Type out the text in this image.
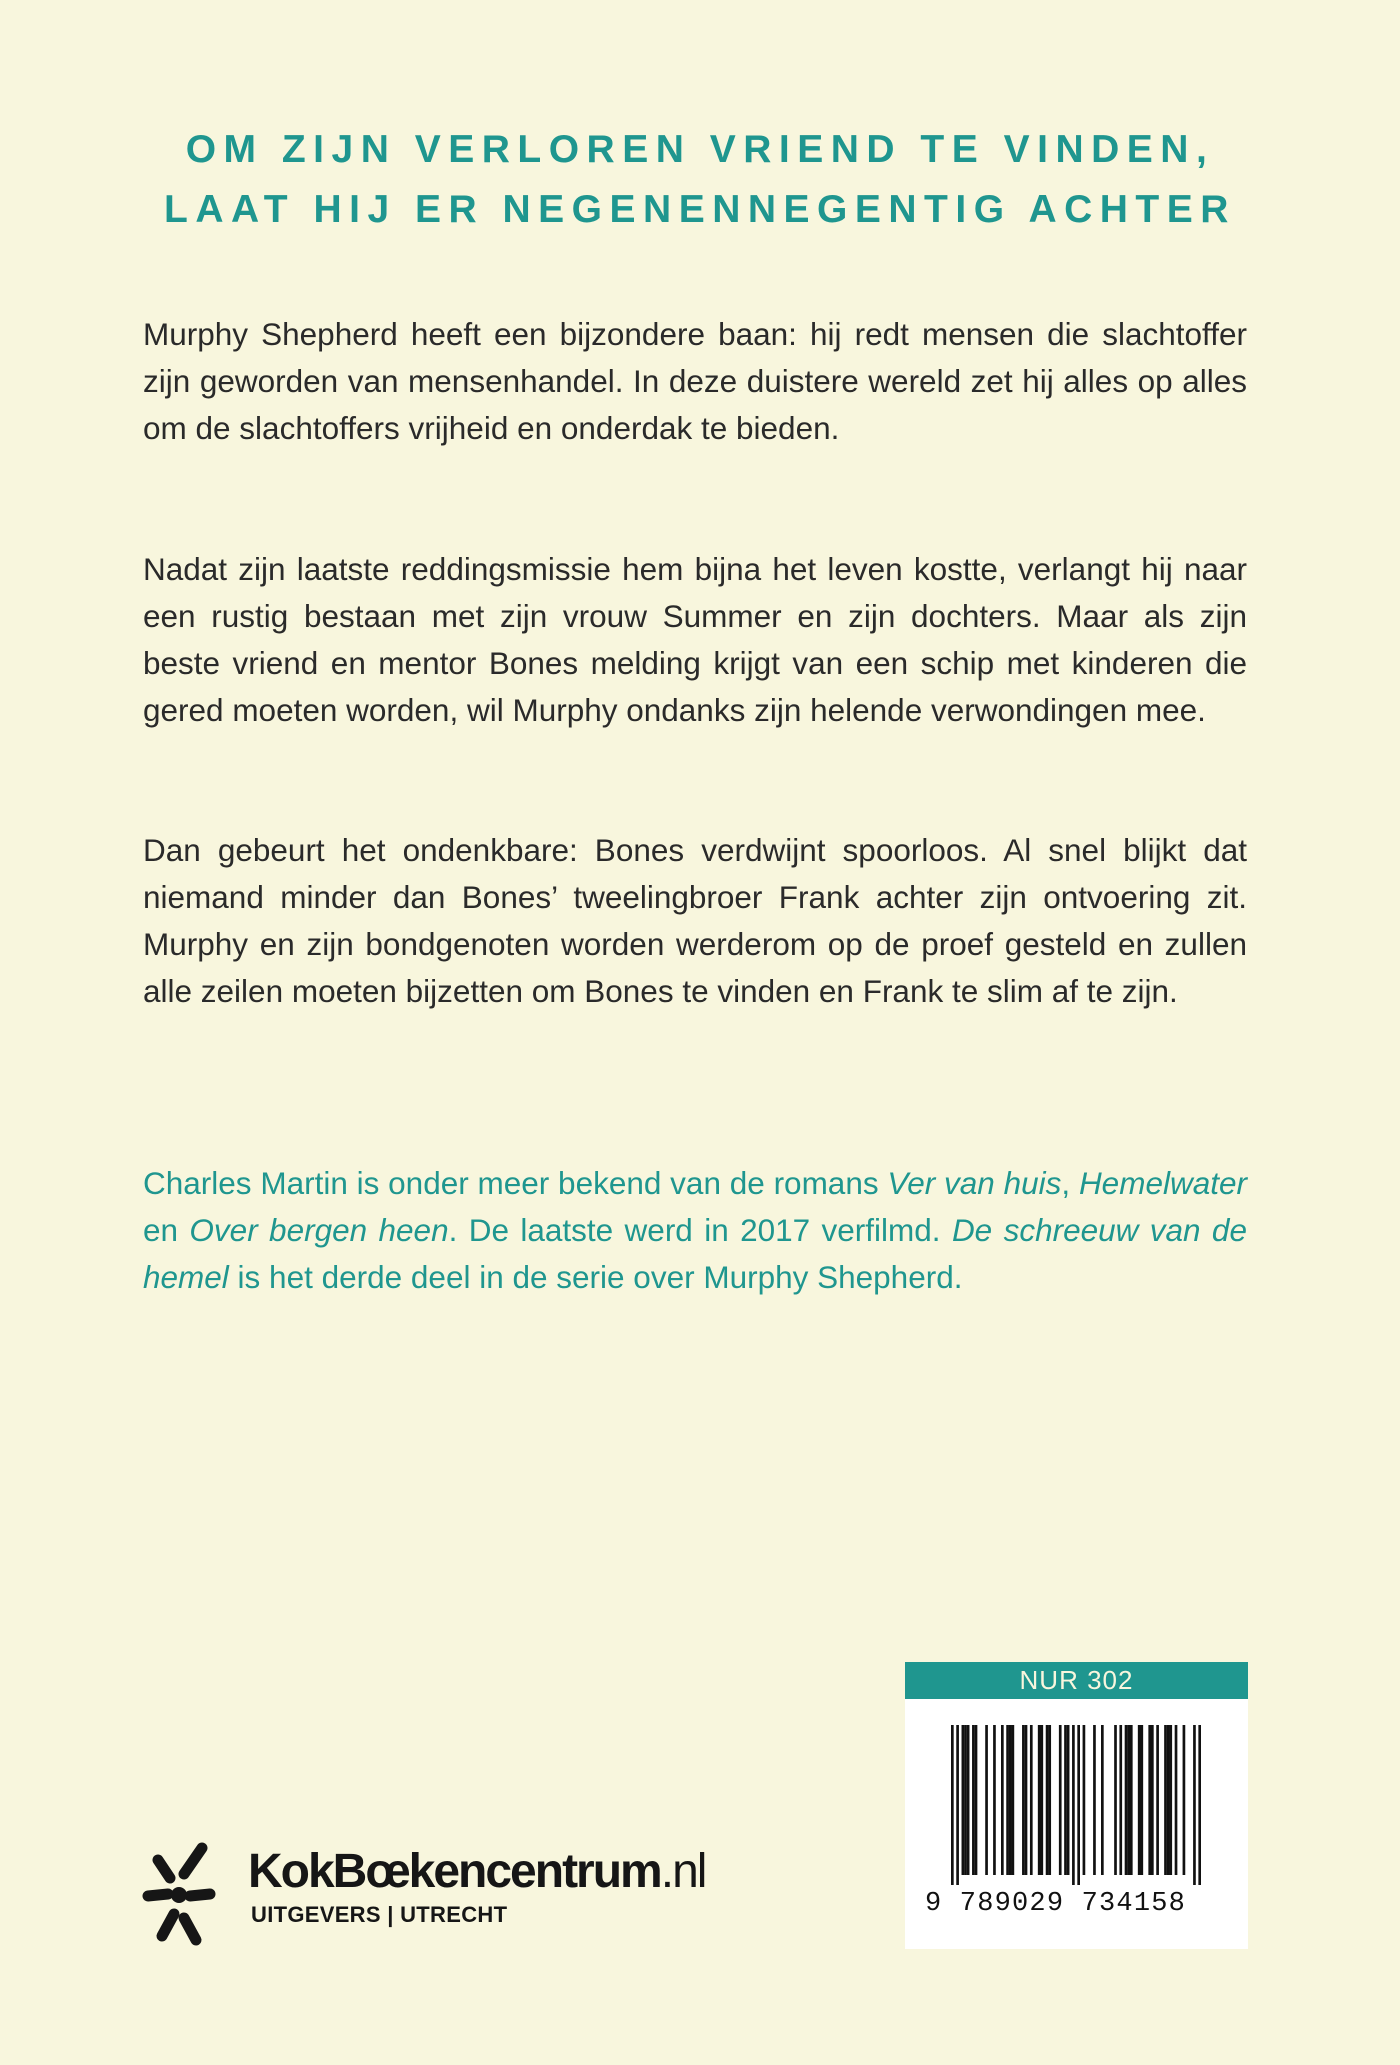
OM ZIJN VERLOREN VRIEND TE VINDEN,
LAAT HIJ ER NEGENENNEGENTIG ACHTER

Murphy Shepherd heeft een bijzondere baan: hij redt mensen die slachtoffer zijn geworden van mensenhandel. In deze duistere wereld zet hij alles op alles om de slachtoffers vrijheid en onderdak te bieden.

Nadat zijn laatste reddingsmissie hem bijna het leven kostte, verlangt hij naar een rustig bestaan met zijn vrouw Summer en zijn dochters. Maar als zijn beste vriend en mentor Bones melding krijgt van een schip met kinderen die gered moeten worden, wil Murphy ondanks zijn helende verwondingen mee.

Dan gebeurt het ondenkbare: Bones verdwijnt spoorloos. Al snel blijkt dat niemand minder dan Bones’ tweelingbroer Frank achter zijn ontvoering zit. Murphy en zijn bondgenoten worden werderom op de proef gesteld en zullen alle zeilen moeten bijzetten om Bones te vinden en Frank te slim af te zijn.

Charles Martin is onder meer bekend van de romans Ver van huis, Hemelwater en Over bergen heen. De laatste werd in 2017 verfilmd. De schreeuw van de hemel is het derde deel in de serie over Murphy Shepherd.

KokBœkencentrum.nl
UITGEVERS | UTRECHT
NUR 302
9 789029 734158
